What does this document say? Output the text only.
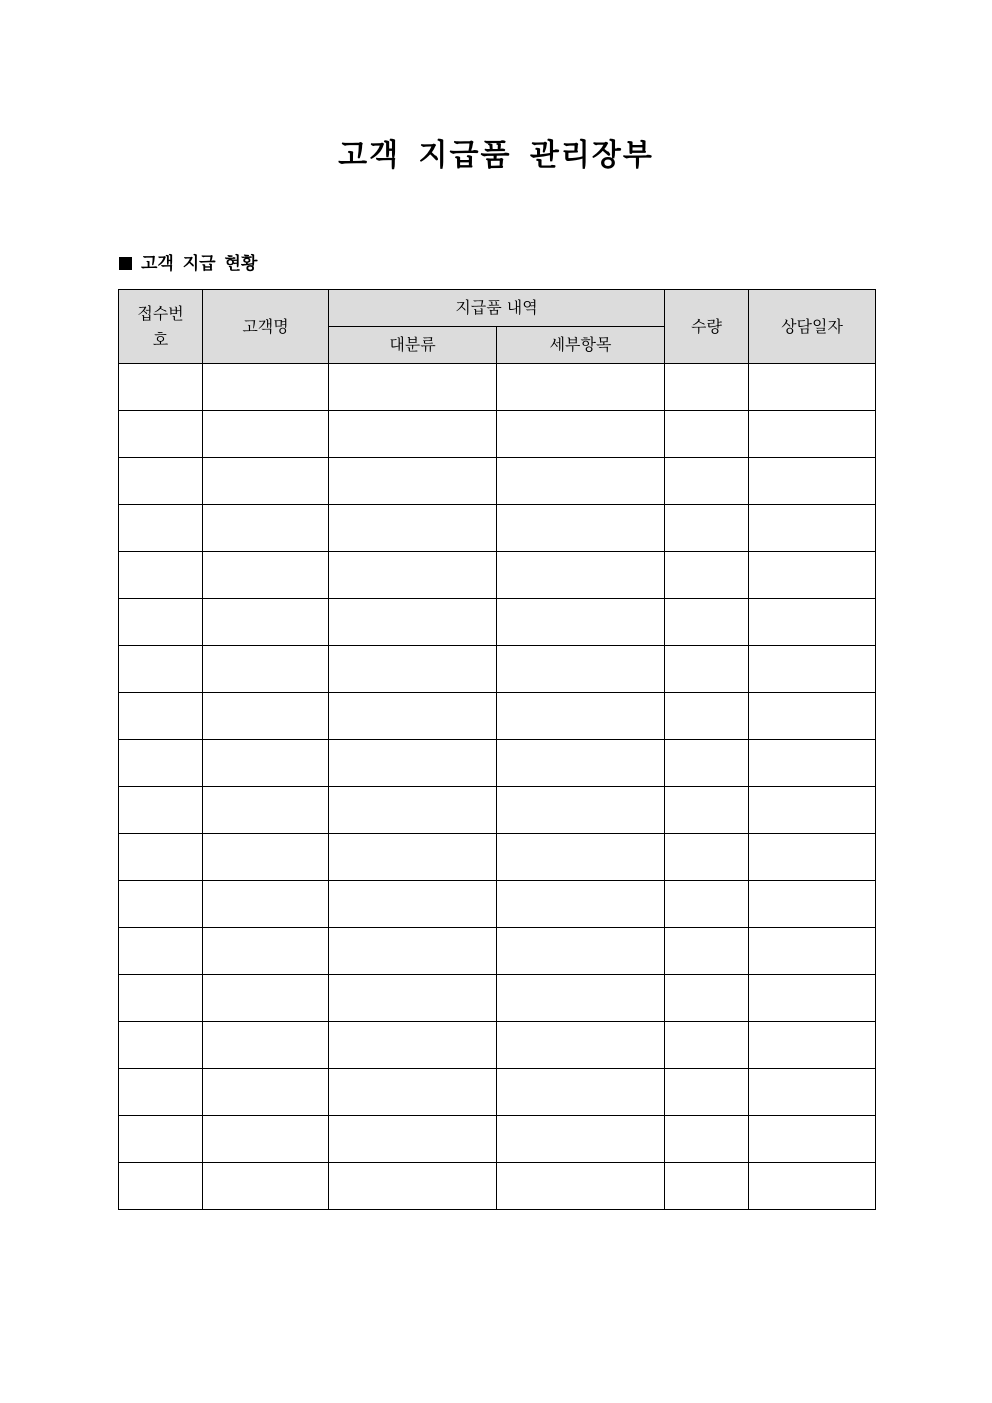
고객 지급품 관리장부
고객 지급 현황
접수번호	고객명	지급품 내역		수량	상담일자
		대분류	세부항목		
